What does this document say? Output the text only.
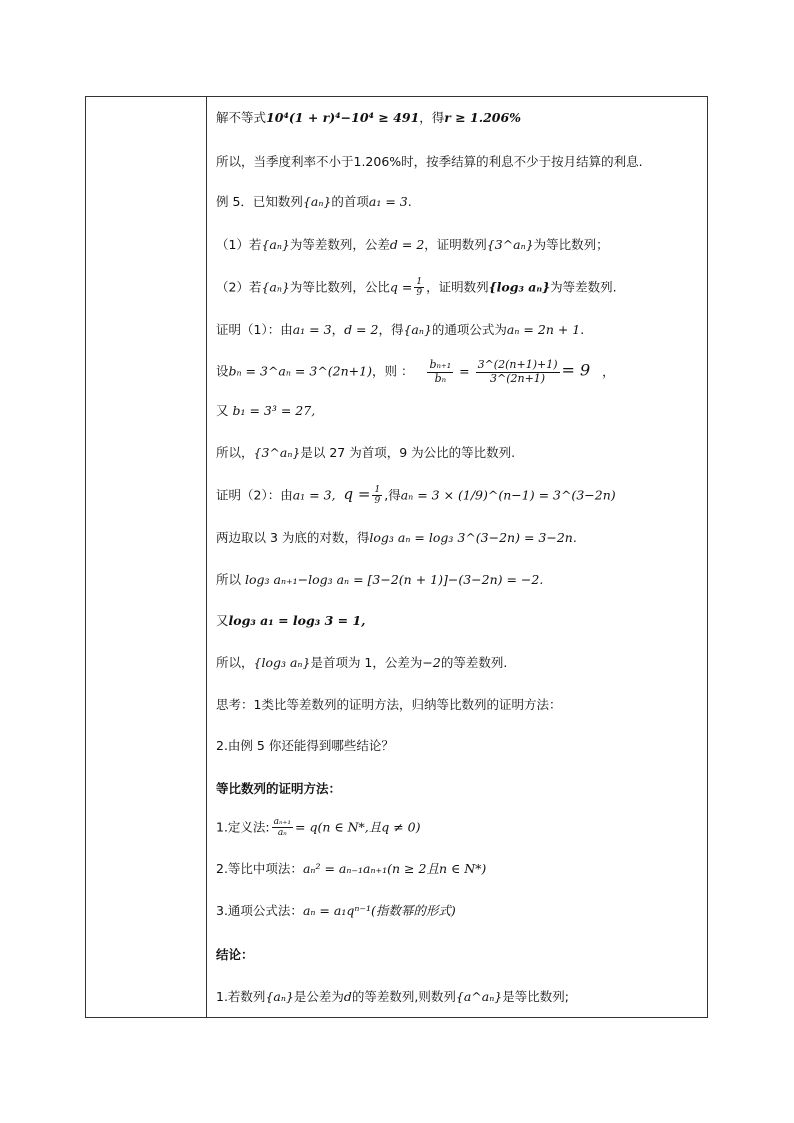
解不等式10⁴(1 + r)⁴−10⁴ ≥ 491，得r ≥ 1.206%
所以，当季度利率不小于1.206%时，按季结算的利息不少于按月结算的利息.
例 5．已知数列{aₙ}的首项a₁ = 3.
（1）若{aₙ}为等差数列，公差d = 2，证明数列{3^aₙ}为等比数列；
（2）若{aₙ}为等比数列，公比$q = \frac{1}{9}$ ，证明数列{log₃ aₙ}为等差数列.
证明（1）：由a₁ = 3，d = 2，得{aₙ}的通项公式为aₙ = 2n + 1.
设bₙ = 3^aₙ = 3^(2n+1)，则 ： $\frac{\text{bₙ₊₁}}{\text{bₙ}} = \frac{3\^{}(2(n+1)+1)}{3\^{}(2n+1)} = 9$ ，
又 b₁ = 3³ = 27,
所以，{3^aₙ}是以 27 为首项，9 为公比的等比数列.
证明（2）：由a₁ = 3, $q = \frac{1}{9}$ ,得aₙ = 3 × (1/9)^(n−1) = 3^(3−2n)
两边取以 3 为底的对数，得log₃ aₙ = log₃ 3^(3−2n) = 3−2n.
所以 log₃ aₙ₊₁−log₃ aₙ = [3−2(n + 1)]−(3−2n) = −2.
又log₃ a₁ = log₃ 3 = 1,
所以，{log₃ aₙ}是首项为 1，公差为−2的等差数列.
思考：1类比等差数列的证明方法，归纳等比数列的证明方法：
2.由例 5 你还能得到哪些结论？
等比数列的证明方法：
1.定义法: $\frac{\text{aₙ₊₁}}{\text{aₙ}} = q(n$ ∈ N*,且q ≠ 0)
2.等比中项法：aₙ² = aₙ₋₁aₙ₊₁(n ≥ 2且n ∈ N*)
3.通项公式法：aₙ = a₁qⁿ⁻¹(指数幂的形式)
结论：
1.若数列{aₙ}是公差为d的等差数列,则数列{a^aₙ}是等比数列;
